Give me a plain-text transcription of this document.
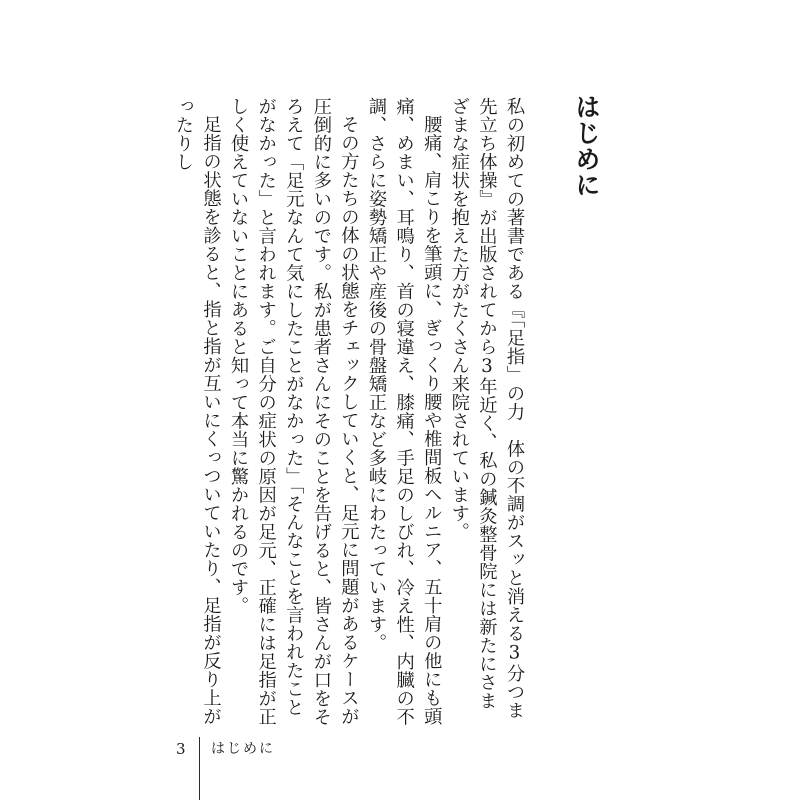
はじめに

私の初めての著書である『「足指」の力　体の不調がスッと消える3分つま先立ち体操』が出版されてから3年近く、私の鍼灸整骨院には新たにさまざまな症状を抱えた方がたくさん来院されています。

腰痛、肩こりを筆頭に、ぎっくり腰や椎間板ヘルニア、五十肩の他にも頭痛、めまい、耳鳴り、首の寝違え、膝痛、手足のしびれ、冷え性、内臓の不調、さらに姿勢矯正や産後の骨盤矯正など多岐にわたっています。

その方たちの体の状態をチェックしていくと、足元に問題があるケースが圧倒的に多いのです。私が患者さんにそのことを告げると、皆さんが口をそろえて「足元なんて気にしたことがなかった」「そんなことを言われたことがなかった」と言われます。ご自分の症状の原因が足元、正確には足指が正しく使えていないことにあると知って本当に驚かれるのです。

足指の状態を診ると、指と指が互いにくっついていたり、足指が反り上がったりし

3 はじめに
